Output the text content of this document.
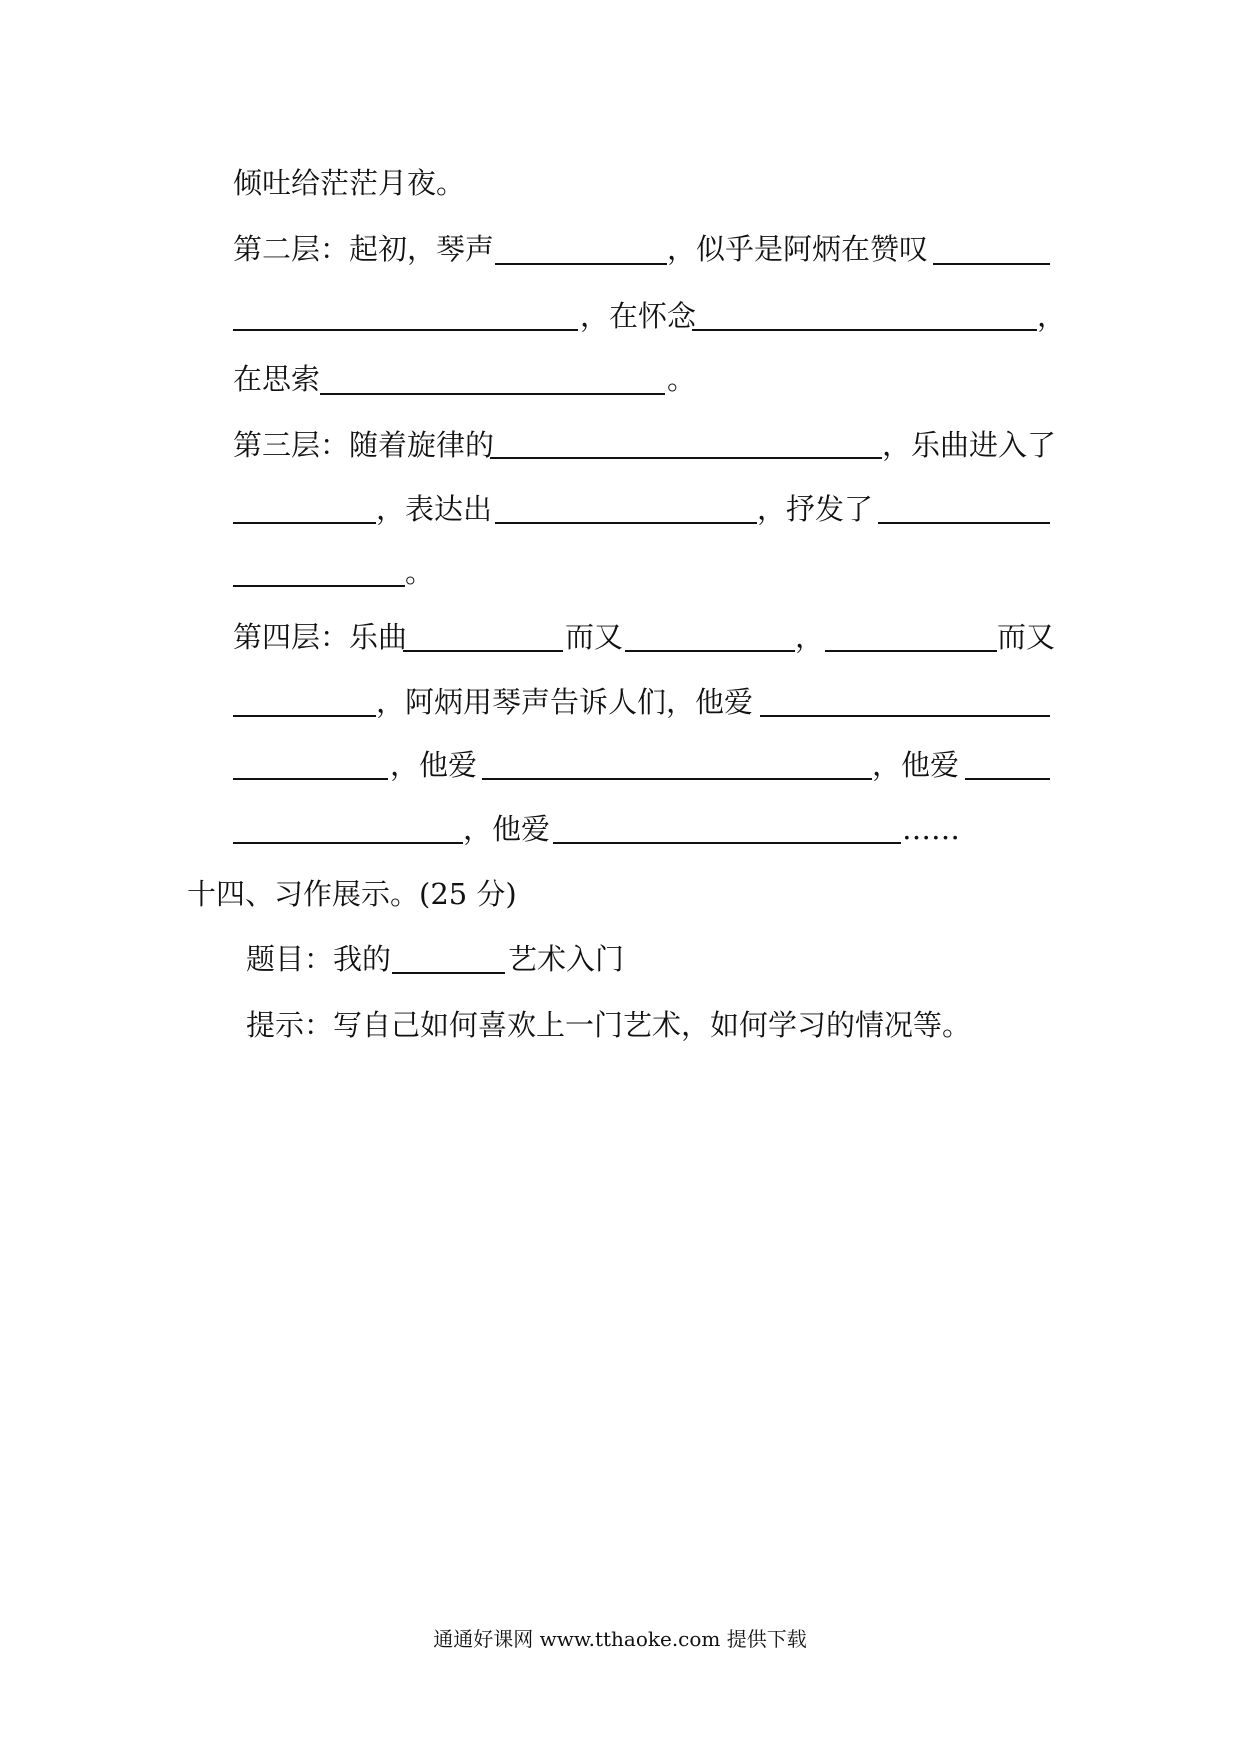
倾吐给茫茫月夜。
第二层：起初，琴声	，似乎是阿炳在赞叹
，在怀念	，
在思索	。
第三层：随着旋律的	，乐曲进入了
，表达出	，抒发了
。
第四层：乐曲	而又	，	而又
，阿炳用琴声告诉人们，他爱
，他爱	，他爱
，他爱	……
十四、习作展示。(25 分)
题目：我的	艺术入门
提示：写自己如何喜欢上一门艺术，如何学习的情况等。
通通好课网 www.tthaoke.com 提供下载
